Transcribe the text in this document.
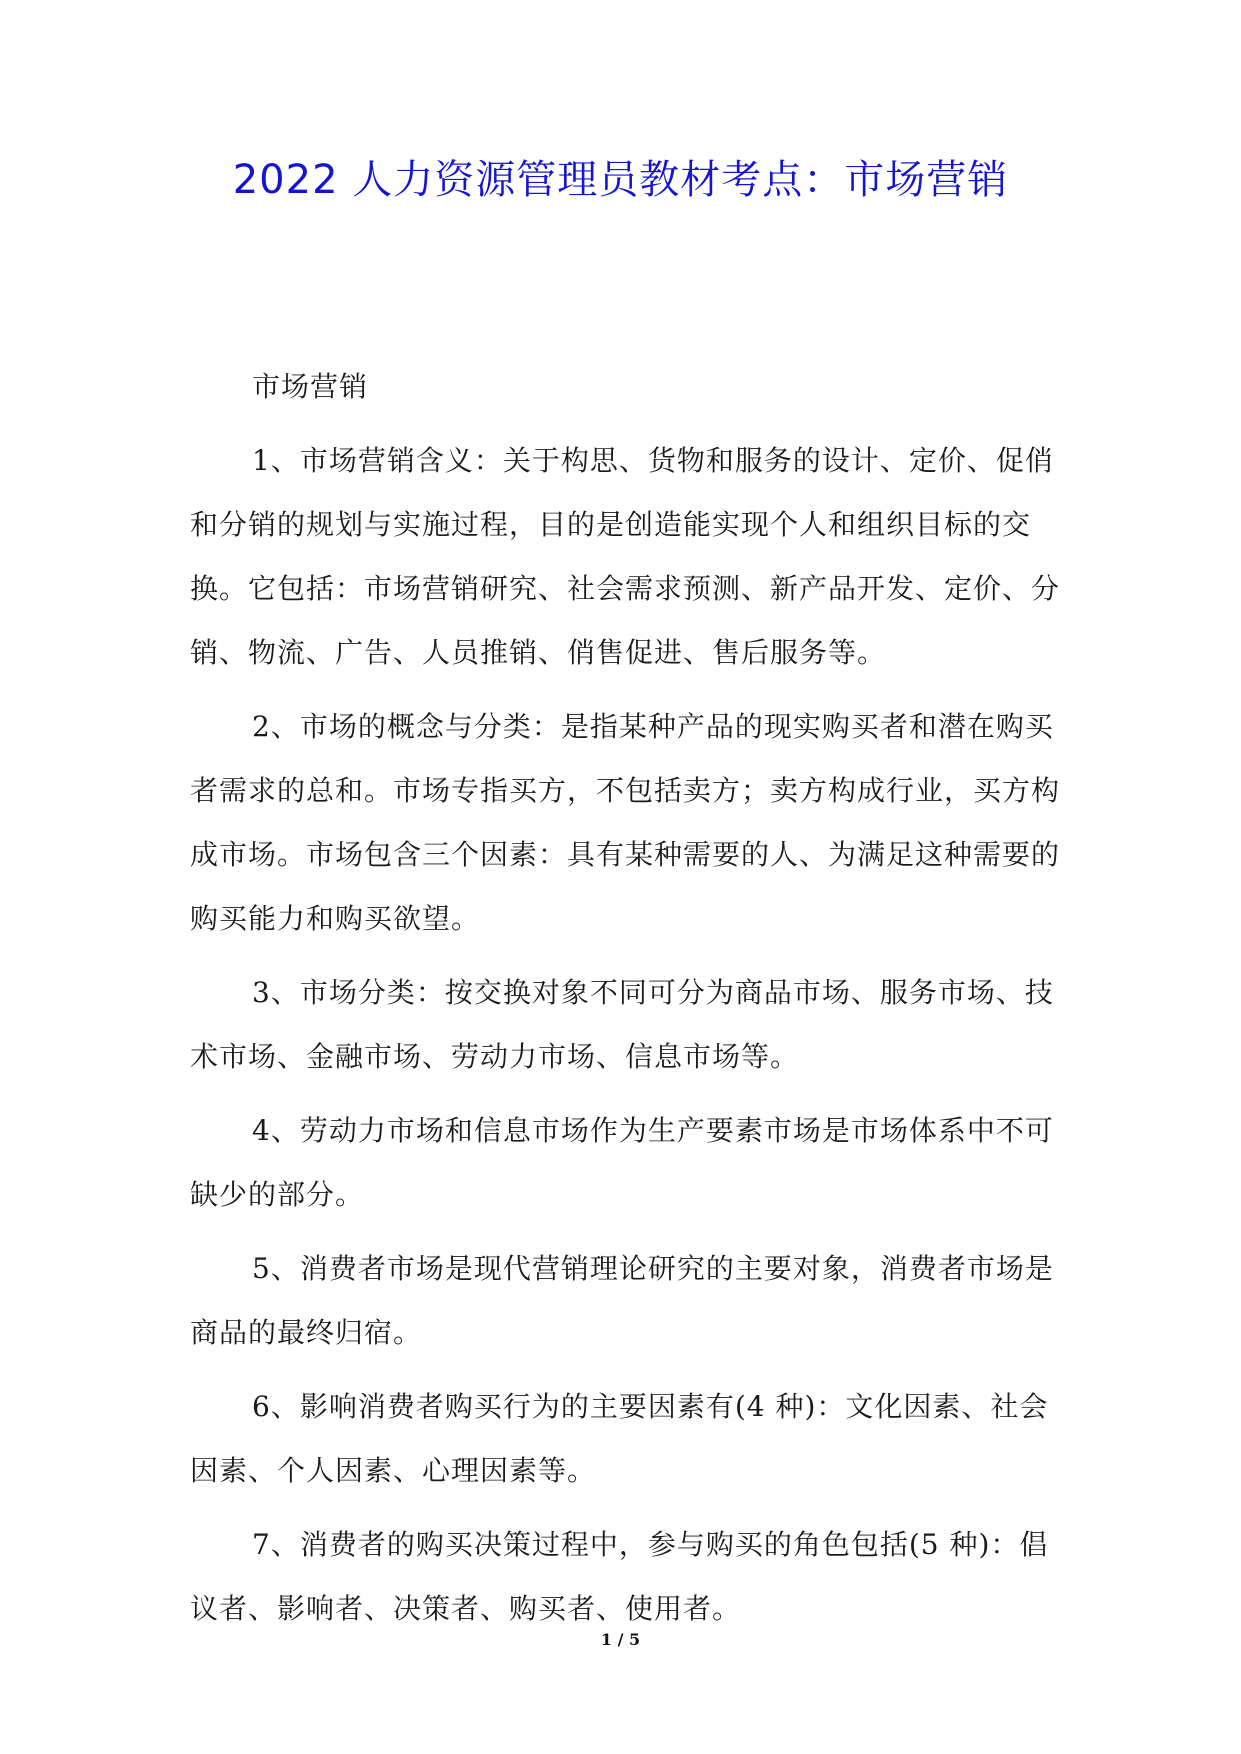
2022 人力资源管理员教材考点：市场营销

市场营销

1、市场营销含义：关于构思、货物和服务的设计、定价、促俏和分销的规划与实施过程，目的是创造能实现个人和组织目标的交换。它包括：市场营销研究、社会需求预测、新产品开发、定价、分销、物流、广告、人员推销、俏售促进、售后服务等。

2、市场的概念与分类：是指某种产品的现实购买者和潜在购买者需求的总和。市场专指买方，不包括卖方；卖方构成行业，买方构成市场。市场包含三个因素：具有某种需要的人、为满足这种需要的购买能力和购买欲望。

3、市场分类：按交换对象不同可分为商品市场、服务市场、技术市场、金融市场、劳动力市场、信息市场等。

4、劳动力市场和信息市场作为生产要素市场是市场体系中不可缺少的部分。

5、消费者市场是现代营销理论研究的主要对象，消费者市场是商品的最终归宿。

6、影响消费者购买行为的主要因素有(4 种)：文化因素、社会因素、个人因素、心理因素等。

7、消费者的购买决策过程中，参与购买的角色包括(5 种)：倡议者、影响者、决策者、购买者、使用者。

1 / 5
